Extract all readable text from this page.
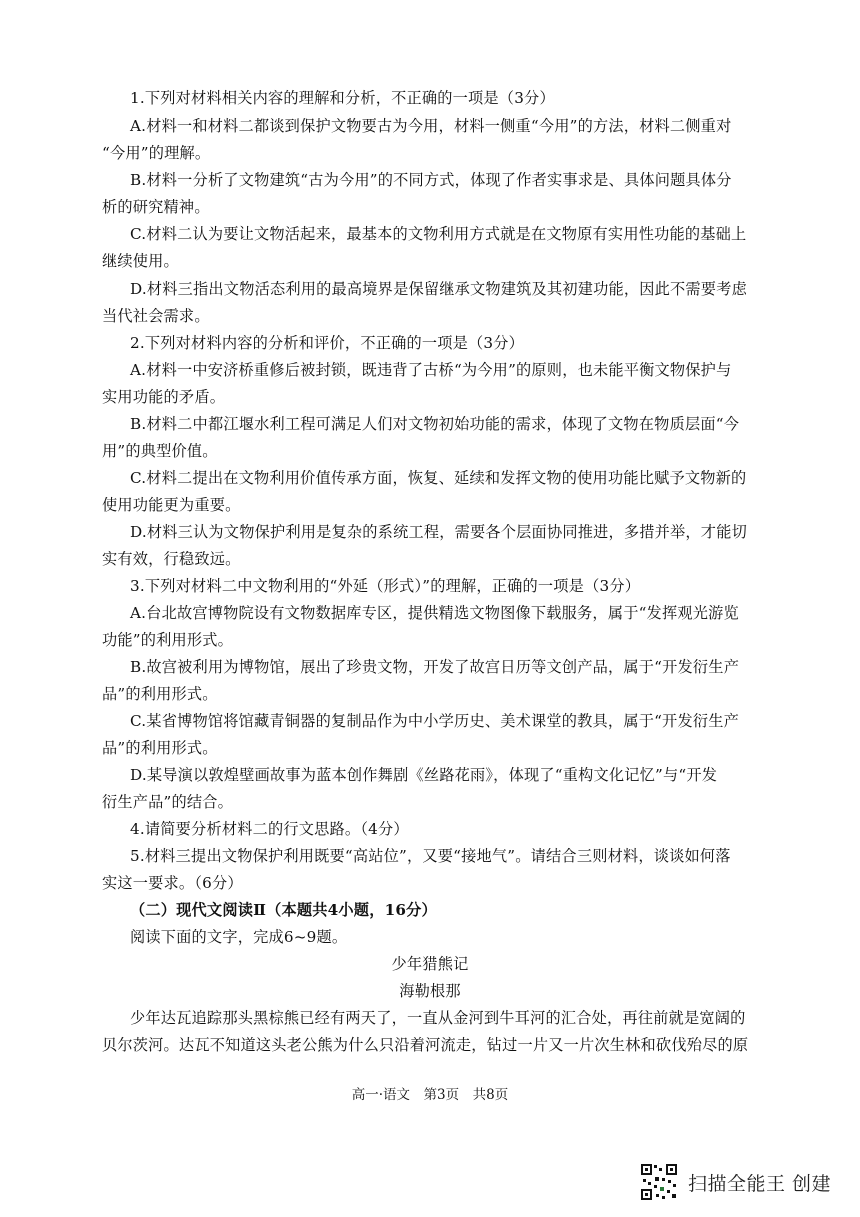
1.下列对材料相关内容的理解和分析，不正确的一项是（3分）
A.材料一和材料二都谈到保护文物要古为今用，材料一侧重“今用”的方法，材料二侧重对
“今用”的理解。
B.材料一分析了文物建筑“古为今用”的不同方式，体现了作者实事求是、具体问题具体分
析的研究精神。
C.材料二认为要让文物活起来，最基本的文物利用方式就是在文物原有实用性功能的基础上
继续使用。
D.材料三指出文物活态利用的最高境界是保留继承文物建筑及其初建功能，因此不需要考虑
当代社会需求。
2.下列对材料内容的分析和评价，不正确的一项是（3分）
A.材料一中安济桥重修后被封锁，既违背了古桥“为今用”的原则，也未能平衡文物保护与
实用功能的矛盾。
B.材料二中都江堰水利工程可满足人们对文物初始功能的需求，体现了文物在物质层面“今
用”的典型价值。
C.材料二提出在文物利用价值传承方面，恢复、延续和发挥文物的使用功能比赋予文物新的
使用功能更为重要。
D.材料三认为文物保护利用是复杂的系统工程，需要各个层面协同推进，多措并举，才能切
实有效，行稳致远。
3.下列对材料二中文物利用的“外延（形式）”的理解，正确的一项是（3分）
A.台北故宫博物院设有文物数据库专区，提供精选文物图像下载服务，属于“发挥观光游览
功能”的利用形式。
B.故宫被利用为博物馆，展出了珍贵文物，开发了故宫日历等文创产品，属于“开发衍生产
品”的利用形式。
C.某省博物馆将馆藏青铜器的复制品作为中小学历史、美术课堂的教具，属于“开发衍生产
品”的利用形式。
D.某导演以敦煌壁画故事为蓝本创作舞剧《丝路花雨》，体现了“重构文化记忆”与“开发
衍生产品”的结合。
4.请简要分析材料二的行文思路。（4分）
5.材料三提出文物保护利用既要“高站位”，又要“接地气”。请结合三则材料，谈谈如何落
实这一要求。（6分）
（二）现代文阅读Ⅱ（本题共4小题，16分）
阅读下面的文字，完成6~9题。
少年猎熊记
海勒根那
少年达瓦追踪那头黑棕熊已经有两天了，一直从金河到牛耳河的汇合处，再往前就是宽阔的
贝尔茨河。达瓦不知道这头老公熊为什么只沿着河流走，钻过一片又一片次生林和砍伐殆尽的原
高一·语文　第3页　共8页
扫描全能王 创建
